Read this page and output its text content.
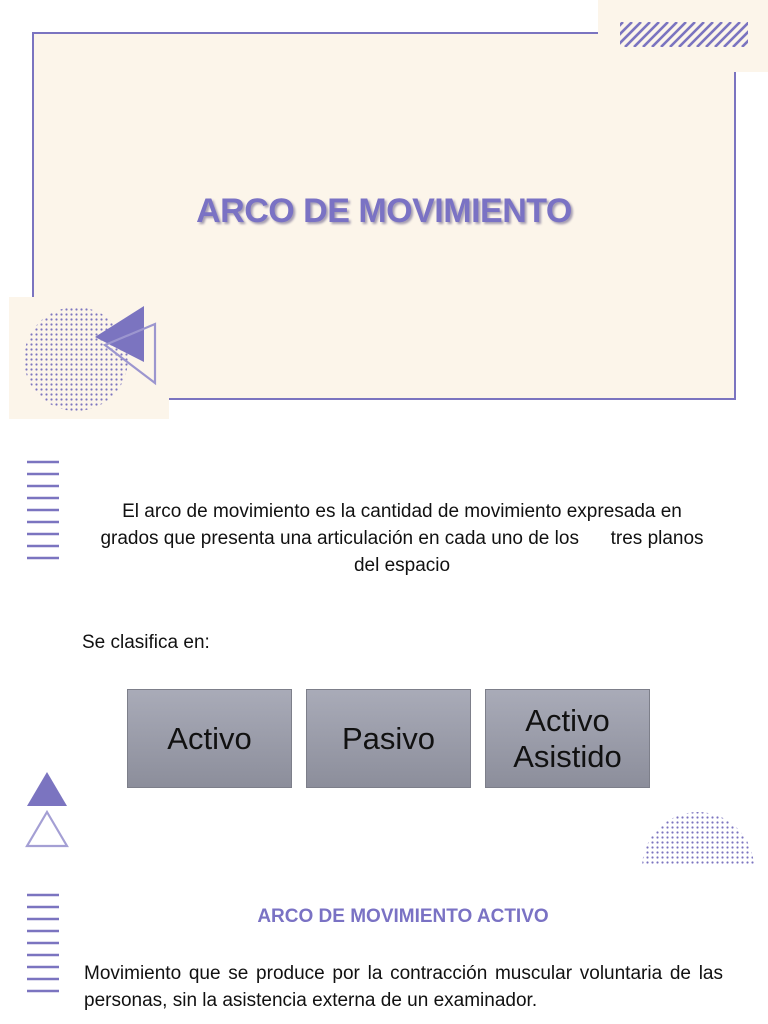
ARCO DE MOVIMIENTO
El arco de movimiento es la cantidad de movimiento expresada en grados que presenta una articulación en cada uno de los      tres planos del espacio
Se clasifica en:
Activo	Pasivo
Activo Asistido
ARCO DE MOVIMIENTO ACTIVO
Movimiento que se produce por la contracción muscular voluntaria de las personas, sin la asistencia externa de un examinador.
